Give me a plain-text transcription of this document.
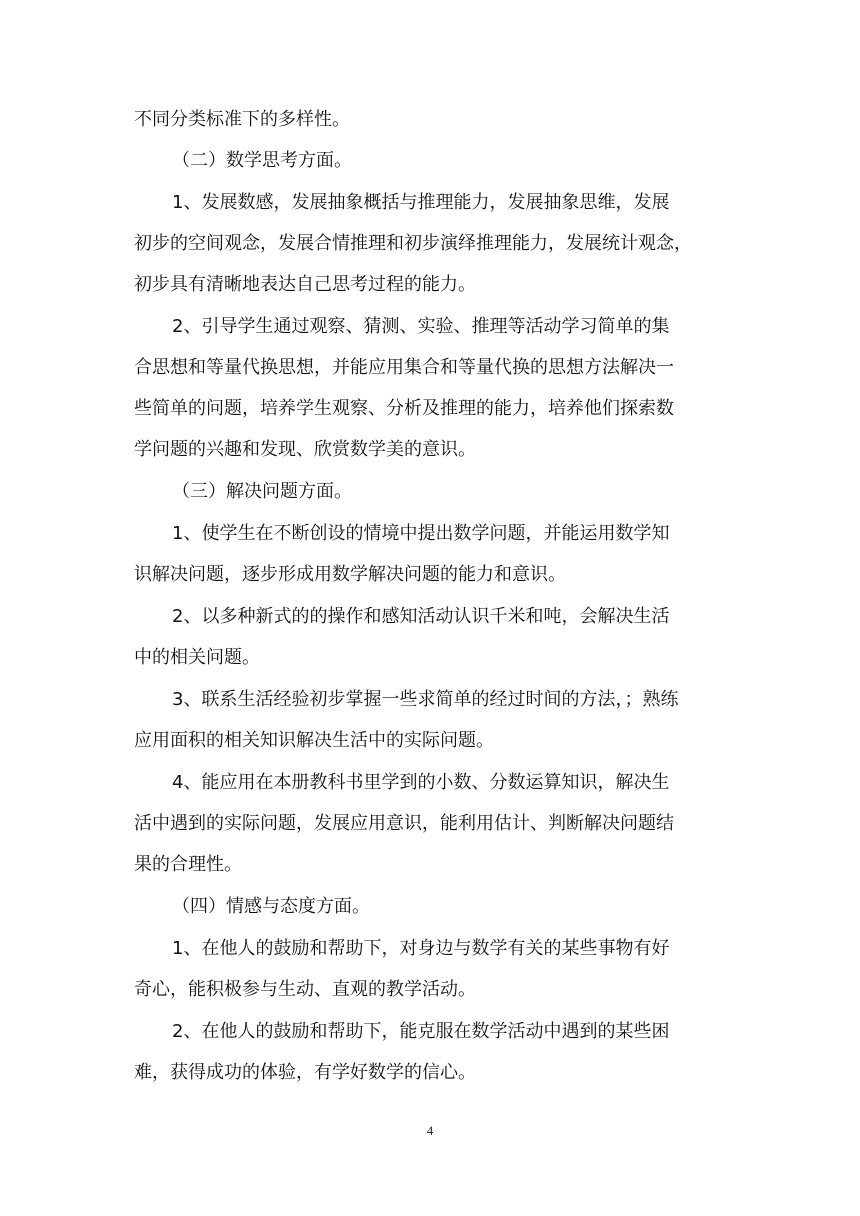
不同分类标准下的多样性。

（二）数学思考方面。

1、发展数感，发展抽象概括与推理能力，发展抽象思维，发展

初步的空间观念，发展合情推理和初步演绎推理能力，发展统计观念，

初步具有清晰地表达自己思考过程的能力。

2、引导学生通过观察、猜测、实验、推理等活动学习简单的集

合思想和等量代换思想，并能应用集合和等量代换的思想方法解决一

些简单的问题，培养学生观察、分析及推理的能力，培养他们探索数

学问题的兴趣和发现、欣赏数学美的意识。

（三）解决问题方面。

1、使学生在不断创设的情境中提出数学问题，并能运用数学知

识解决问题，逐步形成用数学解决问题的能力和意识。

2、以多种新式的的操作和感知活动认识千米和吨，会解决生活

中的相关问题。

3、联系生活经验初步掌握一些求简单的经过时间的方法，；熟练

应用面积的相关知识解决生活中的实际问题。

4、能应用在本册教科书里学到的小数、分数运算知识，解决生

活中遇到的实际问题，发展应用意识，能利用估计、判断解决问题结

果的合理性。

（四）情感与态度方面。

1、在他人的鼓励和帮助下，对身边与数学有关的某些事物有好

奇心，能积极参与生动、直观的教学活动。

2、在他人的鼓励和帮助下，能克服在数学活动中遇到的某些困

难，获得成功的体验，有学好数学的信心。

4
